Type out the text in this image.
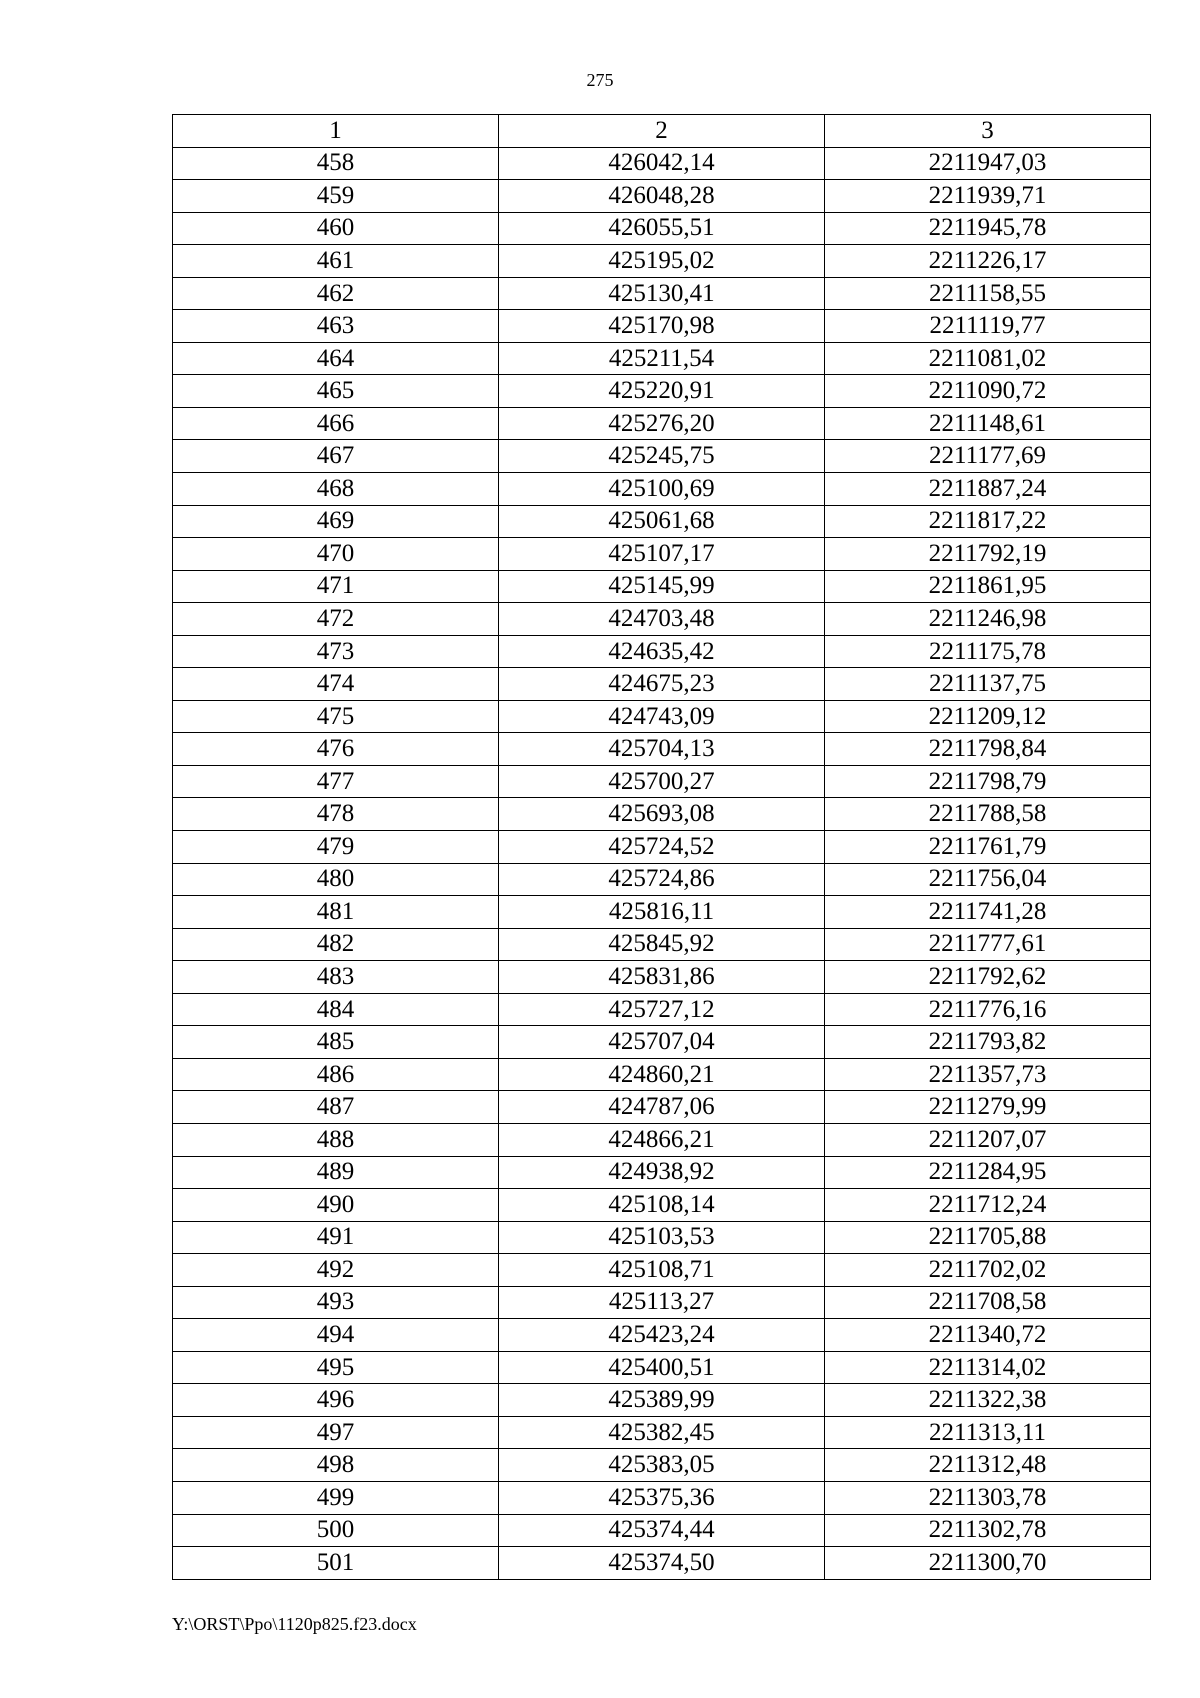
275
1	2	3
458	426042,14	2211947,03
459	426048,28	2211939,71
460	426055,51	2211945,78
461	425195,02	2211226,17
462	425130,41	2211158,55
463	425170,98	2211119,77
464	425211,54	2211081,02
465	425220,91	2211090,72
466	425276,20	2211148,61
467	425245,75	2211177,69
468	425100,69	2211887,24
469	425061,68	2211817,22
470	425107,17	2211792,19
471	425145,99	2211861,95
472	424703,48	2211246,98
473	424635,42	2211175,78
474	424675,23	2211137,75
475	424743,09	2211209,12
476	425704,13	2211798,84
477	425700,27	2211798,79
478	425693,08	2211788,58
479	425724,52	2211761,79
480	425724,86	2211756,04
481	425816,11	2211741,28
482	425845,92	2211777,61
483	425831,86	2211792,62
484	425727,12	2211776,16
485	425707,04	2211793,82
486	424860,21	2211357,73
487	424787,06	2211279,99
488	424866,21	2211207,07
489	424938,92	2211284,95
490	425108,14	2211712,24
491	425103,53	2211705,88
492	425108,71	2211702,02
493	425113,27	2211708,58
494	425423,24	2211340,72
495	425400,51	2211314,02
496	425389,99	2211322,38
497	425382,45	2211313,11
498	425383,05	2211312,48
499	425375,36	2211303,78
500	425374,44	2211302,78
501	425374,50	2211300,70
Y:\ORST\Ppo\1120p825.f23.docx
